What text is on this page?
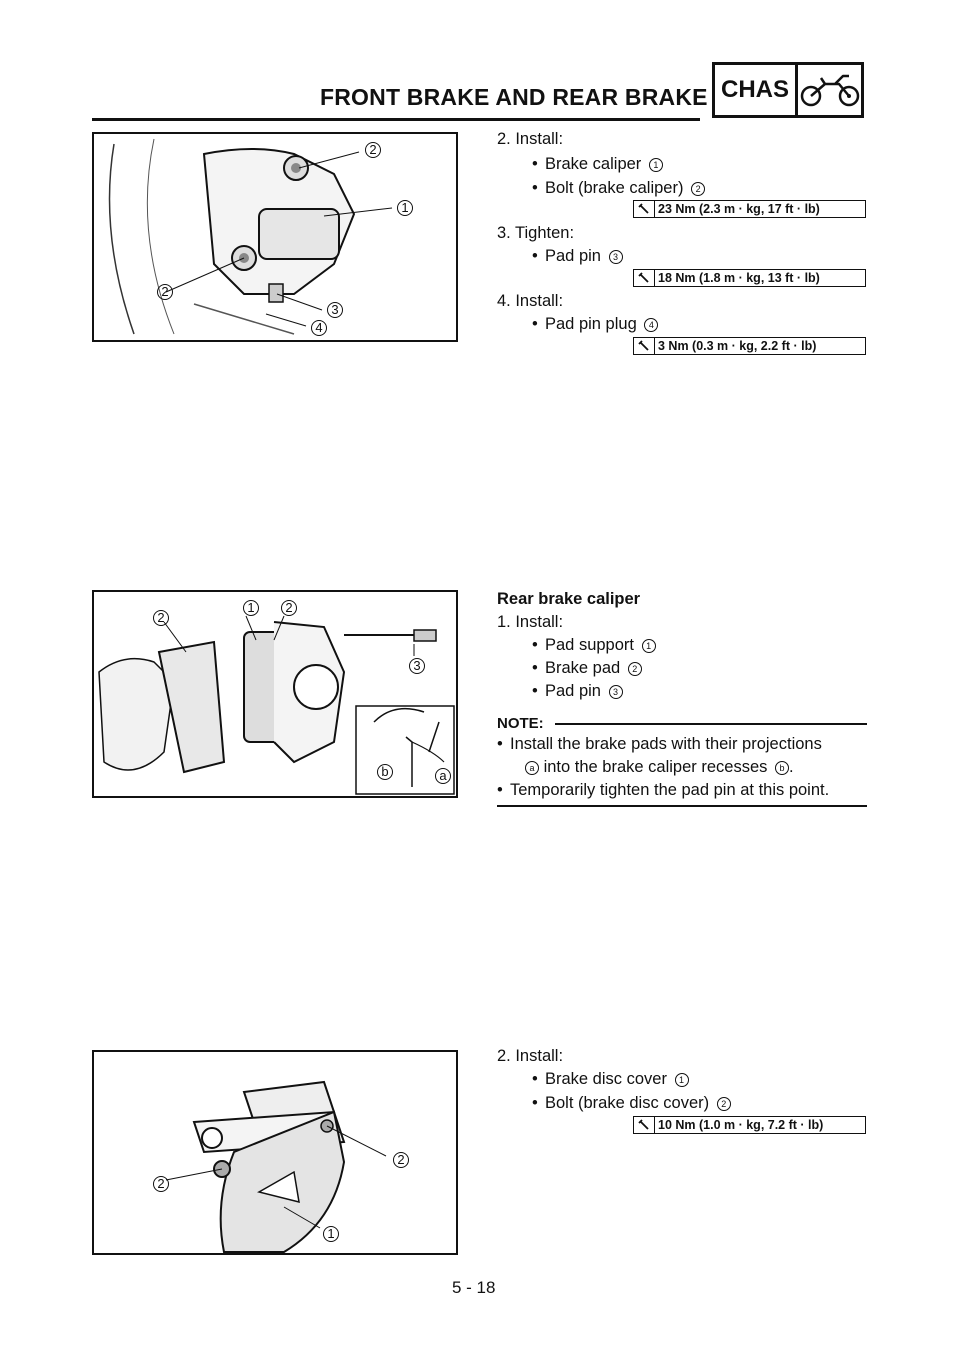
FRONT BRAKE AND REAR BRAKE CHAS
2
1
2
3
4
2. Install:
• Brake caliper 1
• Bolt (brake caliper) 2
23 Nm (2.3 m · kg, 17 ft · lb)
3. Tighten:
• Pad pin 3
18 Nm (1.8 m · kg, 13 ft · lb)
4. Install:
• Pad pin plug 4
3 Nm (0.3 m · kg, 2.2 ft · lb)
2
1	2
3
b	a
Rear brake caliper
1. Install:
• Pad support 1
• Brake pad 2
• Pad pin 3
NOTE:
• Install the brake pads with their projections
a into the brake caliper recesses b .
• Temporarily tighten the pad pin at this point.
2
2
1
2. Install:
• Brake disc cover 1
• Bolt (brake disc cover) 2
10 Nm (1.0 m · kg, 7.2 ft · lb)
5 - 18
